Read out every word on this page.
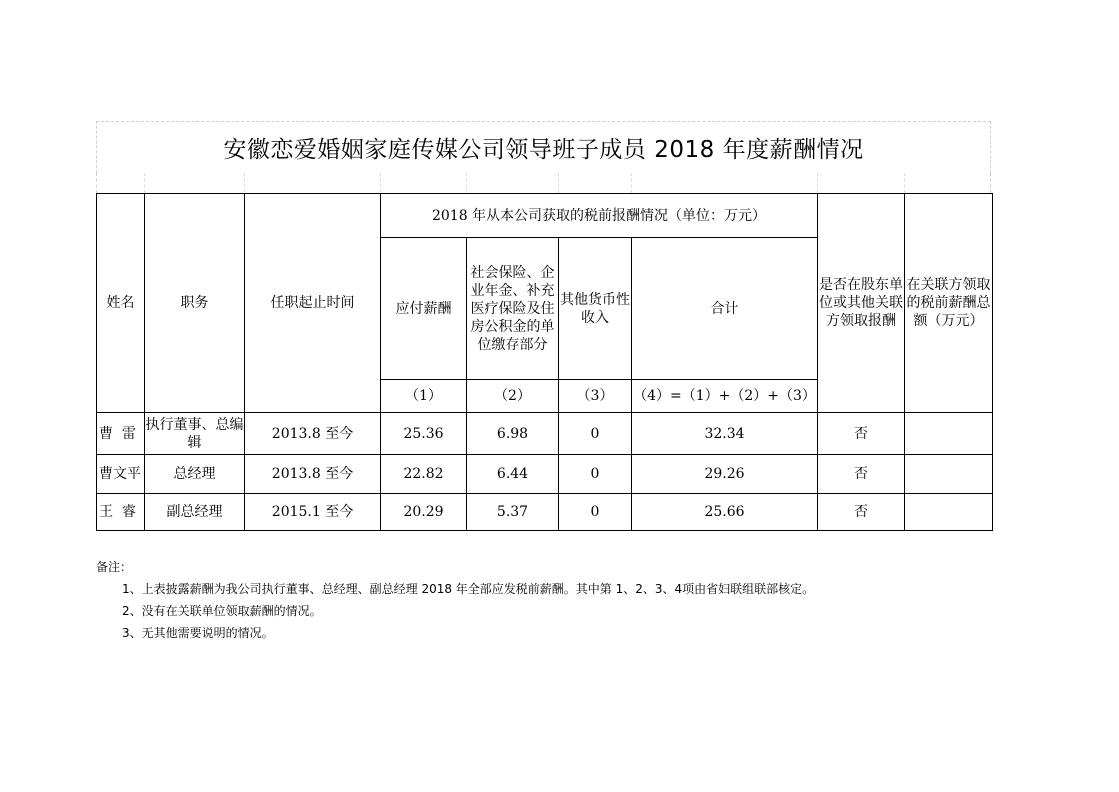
安徽恋爱婚姻家庭传媒公司领导班子成员 2018 年度薪酬情况
姓名	职务	任职起止时间	2018 年从本公司获取的税前报酬情况（单位：万元）				是否在股东单位或其他关联方领取报酬	在关联方领取的税前薪酬总额（万元）
			应付薪酬	社会保险、企业年金、补充医疗保险及住房公积金的单位缴存部分	其他货币性收入	合计		
			（1）	（2）	（3）	（4）=（1）+（2）+（3）		
曹  雷	执行董事、总编辑	2013.8 至今	25.36	6.98	0	32.34	否	
曹文平	总经理	2013.8 至今	22.82	6.44	0	29.26	否	
王  睿	副总经理	2015.1 至今	20.29	5.37	0	25.66	否	
备注：
1、上表披露薪酬为我公司执行董事、总经理、副总经理 2018 年全部应发税前薪酬。其中第 1、2、3、4项由省妇联组联部核定。
2、没有在关联单位领取薪酬的情况。
3、无其他需要说明的情况。
